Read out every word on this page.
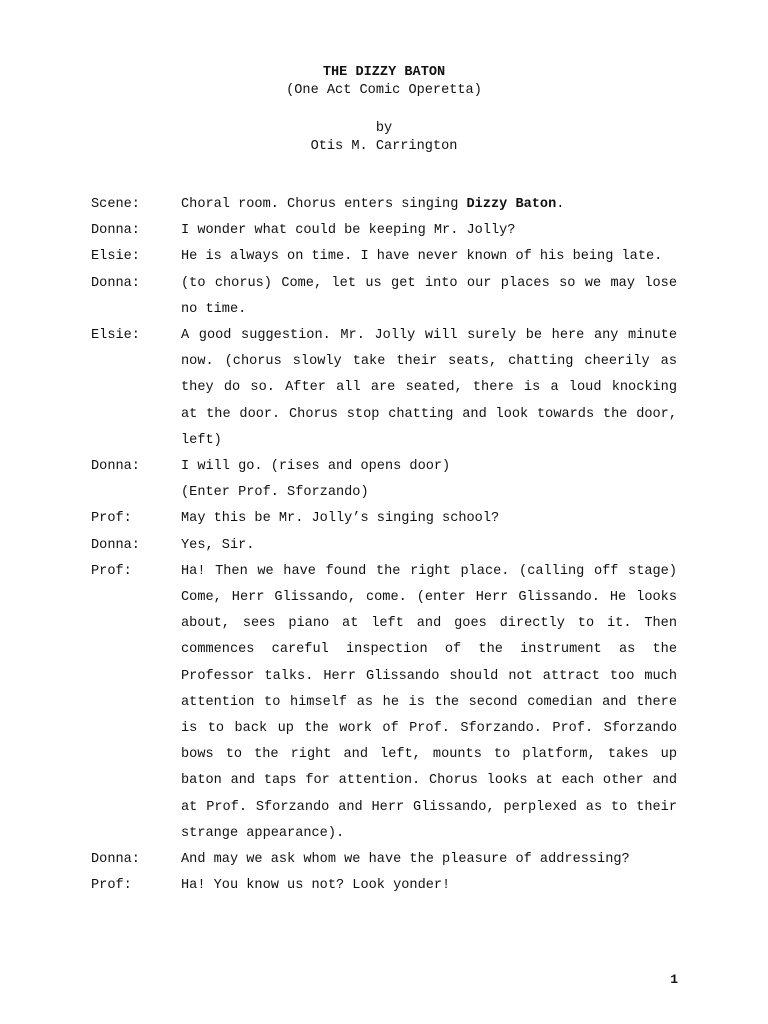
THE DIZZY BATON
(One Act Comic Operetta)
by
Otis M. Carrington
Scene:	Choral room. Chorus enters singing Dizzy Baton.
Donna:	I wonder what could be keeping Mr. Jolly?
Elsie:	He is always on time. I have never known of his being late.
Donna:	(to chorus) Come, let us get into our places so we may lose no time.
Elsie:	A good suggestion. Mr. Jolly will surely be here any minute now. (chorus slowly take their seats, chatting cheerily as they do so. After all are seated, there is a loud knocking at the door. Chorus stop chatting and look towards the door, left)
Donna:	I will go. (rises and opens door)
(Enter Prof. Sforzando)
Prof:	May this be Mr. Jolly’s singing school?
Donna:	Yes, Sir.
Prof:	Ha! Then we have found the right place. (calling off stage) Come, Herr Glissando, come. (enter Herr Glissando. He looks about, sees piano at left and goes directly to it. Then commences careful inspection of the instrument as the Professor talks. Herr Glissando should not attract too much attention to himself as he is the second comedian and there is to back up the work of Prof. Sforzando. Prof. Sforzando bows to the right and left, mounts to platform, takes up baton and taps for attention. Chorus looks at each other and at Prof. Sforzando and Herr Glissando, perplexed as to their strange appearance).
Donna:	And may we ask whom we have the pleasure of addressing?
Prof:	Ha! You know us not? Look yonder!
1
